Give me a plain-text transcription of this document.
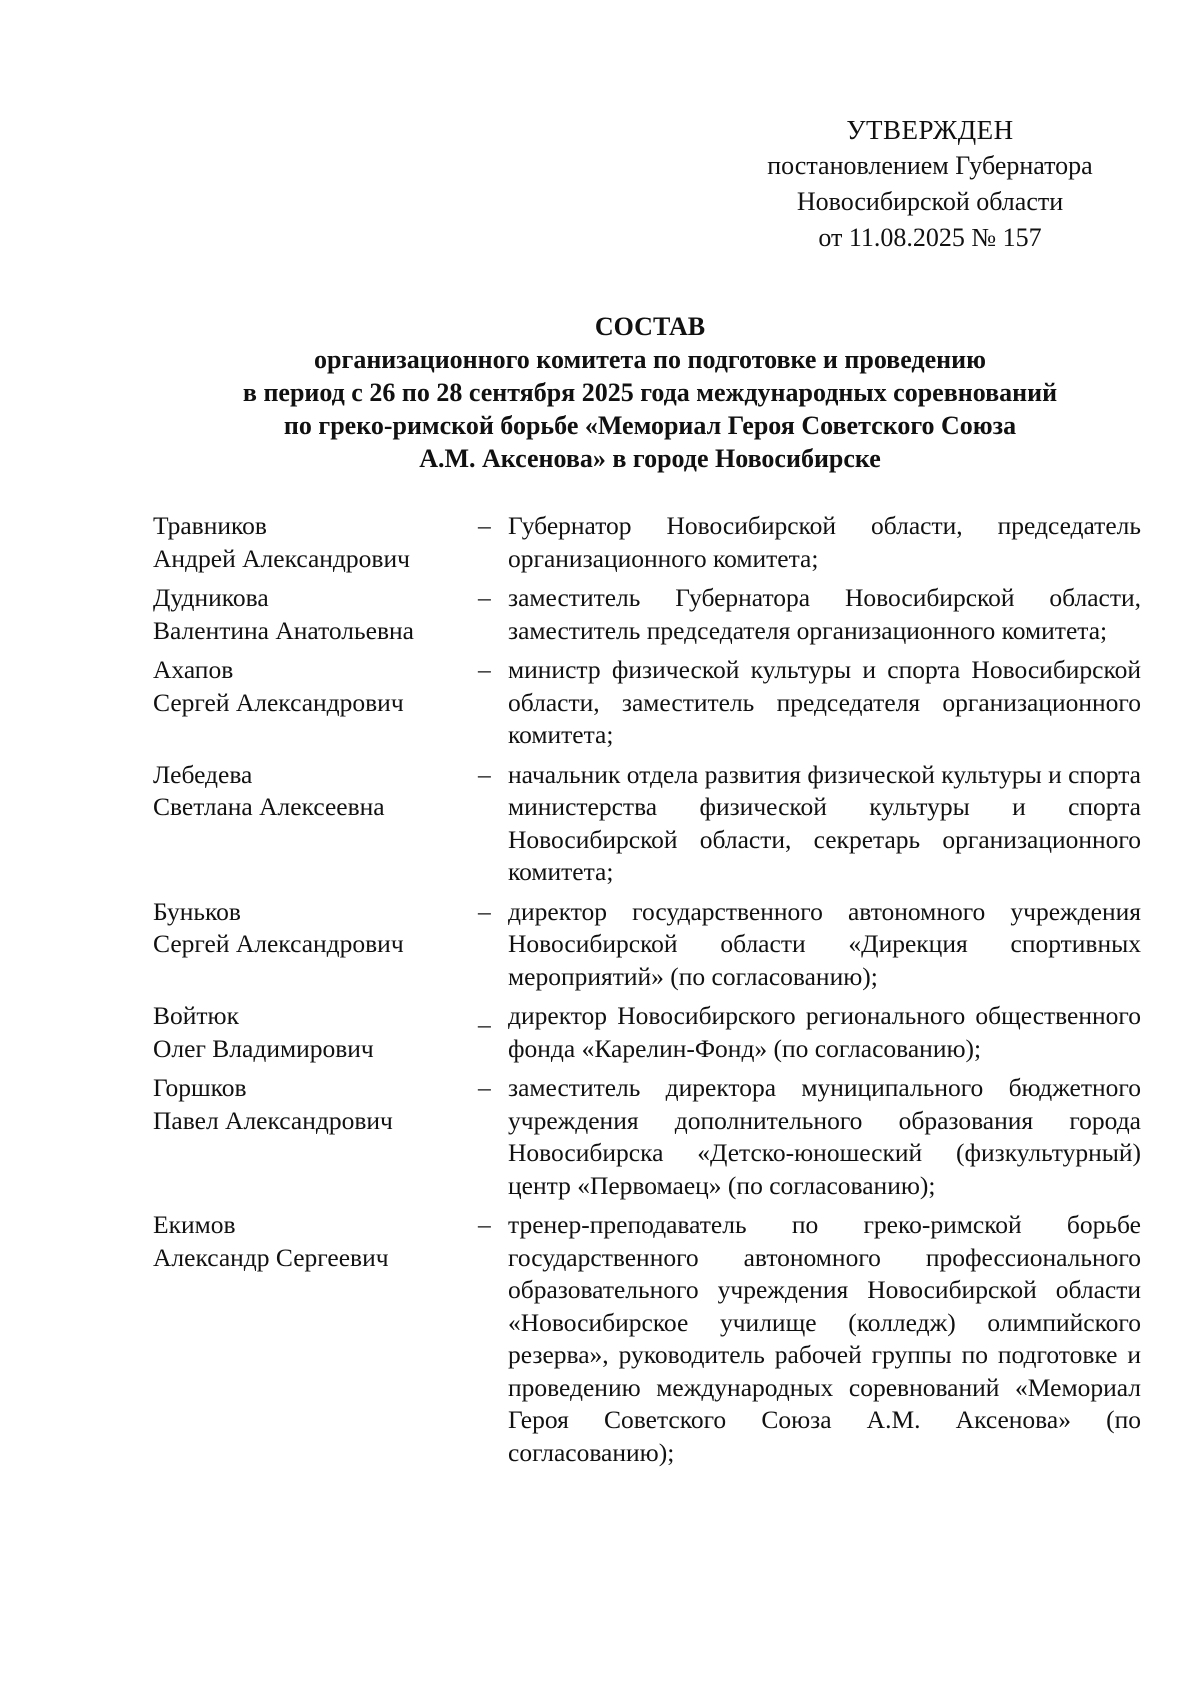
УТВЕРЖДЕН
постановлением Губернатора
Новосибирской области
от 11.08.2025 № 157
СОСТАВ
организационного комитета по подготовке и проведению
в период с 26 по 28 сентября 2025 года международных соревнований
по греко-римской борьбе «Мемориал Героя Советского Союза
А.М. Аксенова» в городе Новосибирске
Травников
Андрей Александрович
– Губернатор Новосибирской области, председатель организационного комитета;
Дудникова
Валентина Анатольевна
– заместитель Губернатора Новосибирской области, заместитель председателя организационного комитета;
Ахапов
Сергей Александрович
– министр физической культуры и спорта Новосибирской области, заместитель председателя организационного комитета;
Лебедева
Светлана Алексеевна
– начальник отдела развития физической культуры и спорта министерства физической культуры и спорта Новосибирской области, секретарь организационного комитета;
Буньков
Сергей Александрович
– директор государственного автономного учреждения Новосибирской области «Дирекция спортивных мероприятий» (по согласованию);
Войтюк
Олег Владимирович
_ директор Новосибирского регионального общественного фонда «Карелин-Фонд» (по согласованию);
Горшков
Павел Александрович
– заместитель директора муниципального бюджетного учреждения дополнительного образования города Новосибирска «Детско-юношеский (физкультурный) центр «Первомаец» (по согласованию);
Екимов
Александр Сергеевич
– тренер-преподаватель по греко-римской борьбе государственного автономного профессионального образовательного учреждения Новосибирской области «Новосибирское училище (колледж) олимпийского резерва», руководитель рабочей группы по подготовке и проведению международных соревнований «Мемориал Героя Советского Союза А.М. Аксенова» (по согласованию);
